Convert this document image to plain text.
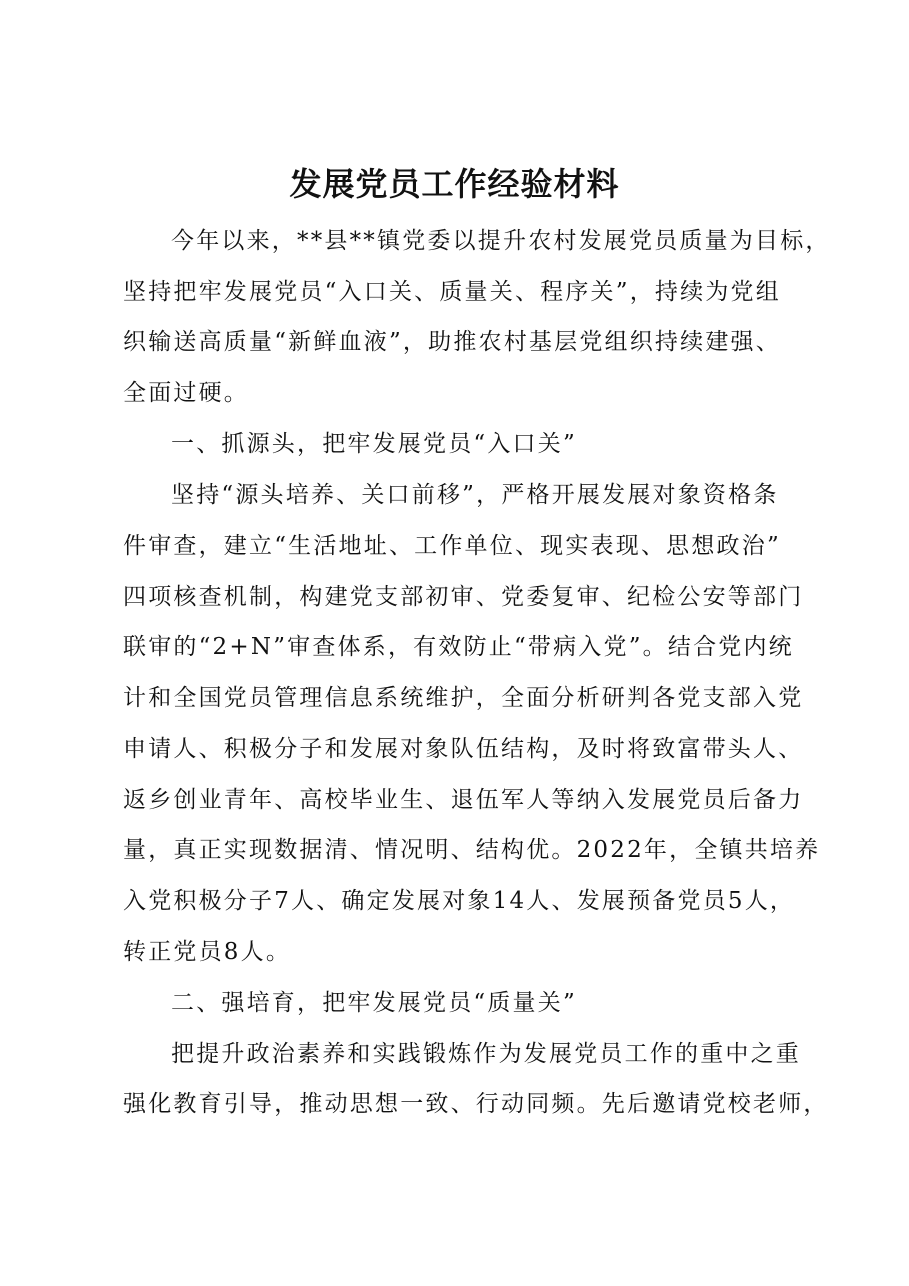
发展党员工作经验材料
今年以来，**县**镇党委以提升农村发展党员质量为目标，
坚持把牢发展党员“入口关、质量关、程序关”，持续为党组
织输送高质量“新鲜血液”，助推农村基层党组织持续建强、
全面过硬。
一、抓源头，把牢发展党员“入口关”
坚持“源头培养、关口前移”，严格开展发展对象资格条
件审查，建立“生活地址、工作单位、现实表现、思想政治”
四项核查机制，构建党支部初审、党委复审、纪检公安等部门
联审的“2+N”审查体系，有效防止“带病入党”。结合党内统
计和全国党员管理信息系统维护，全面分析研判各党支部入党
申请人、积极分子和发展对象队伍结构，及时将致富带头人、
返乡创业青年、高校毕业生、退伍军人等纳入发展党员后备力
量，真正实现数据清、情况明、结构优。2022年，全镇共培养
入党积极分子7人、确定发展对象14人、发展预备党员5人，
转正党员8人。
二、强培育，把牢发展党员“质量关”
把提升政治素养和实践锻炼作为发展党员工作的重中之重
强化教育引导，推动思想一致、行动同频。先后邀请党校老师，
